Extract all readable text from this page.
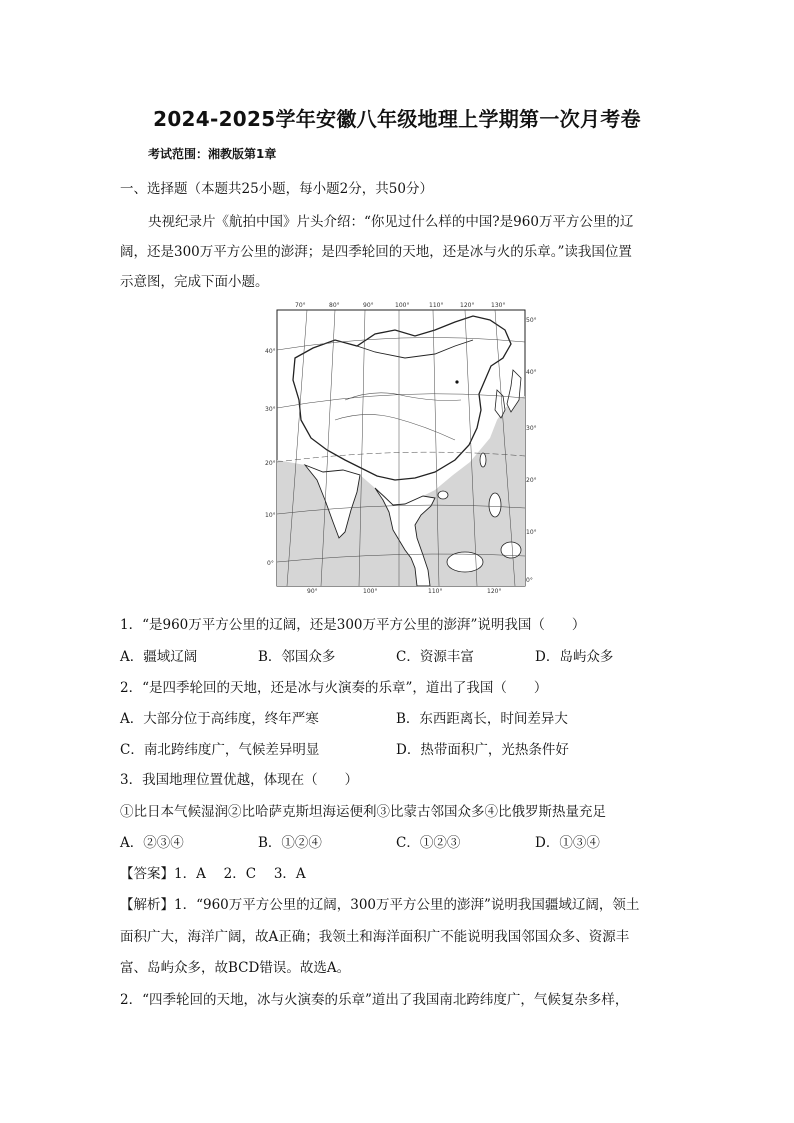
2024-2025学年安徽八年级地理上学期第一次月考卷
考试范围：湘教版第1章
一、选择题（本题共25小题，每小题2分，共50分）
央视纪录片《航拍中国》片头介绍：“你见过什么样的中国?是960万平方公里的辽
阔，还是300万平方公里的澎湃；是四季轮回的天地，还是冰与火的乐章。”读我国位置
示意图，完成下面小题。
70°	80°	90°	100°	110°	120°	130°
90°	100°	110°	120°
40°
30°
20°
10°
0°
50°
40°
30°
20°
10°
0°
1．“是960万平方公里的辽阔，还是300万平方公里的澎湃”说明我国（　　）
A．疆域辽阔	B．邻国众多	C．资源丰富	D．岛屿众多
2．“是四季轮回的天地，还是冰与火演奏的乐章”，道出了我国（　　）
A．大部分位于高纬度，终年严寒	B．东西距离长，时间差异大
C．南北跨纬度广，气候差异明显	D．热带面积广，光热条件好
3．我国地理位置优越，体现在（　　）
①比日本气候湿润②比哈萨克斯坦海运便利③比蒙古邻国众多④比俄罗斯热量充足
A．②③④	B．①②④	C．①②③	D．①③④
【答案】1．A　 2．C　 3．A
【解析】1．“960万平方公里的辽阔，300万平方公里的澎湃”说明我国疆域辽阔，领土
面积广大，海洋广阔，故A正确；我领土和海洋面积广不能说明我国邻国众多、资源丰
富、岛屿众多，故BCD错误。故选A。
2．“四季轮回的天地，冰与火演奏的乐章”道出了我国南北跨纬度广，气候复杂多样，
